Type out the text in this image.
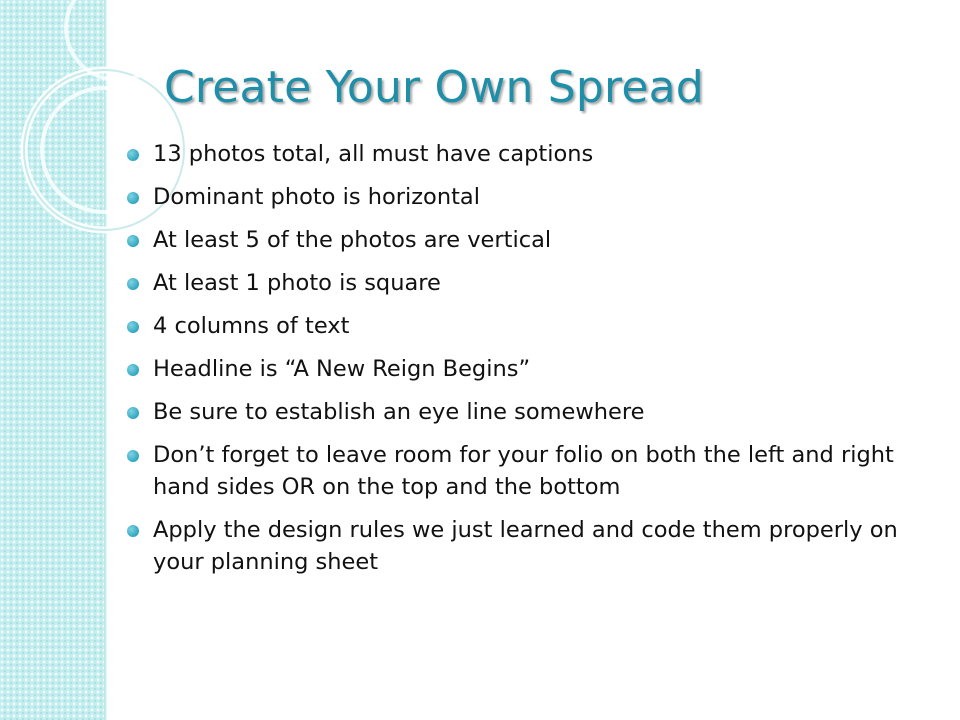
Create Your Own Spread
13 photos total, all must have captions
Dominant photo is horizontal
At least 5 of the photos are vertical
At least 1 photo is square
4 columns of text
Headline is “A New Reign Begins”
Be sure to establish an eye line somewhere
Don’t forget to leave room for your folio on both the left and right hand sides OR on the top and the bottom
Apply the design rules we just learned and code them properly on your planning sheet
